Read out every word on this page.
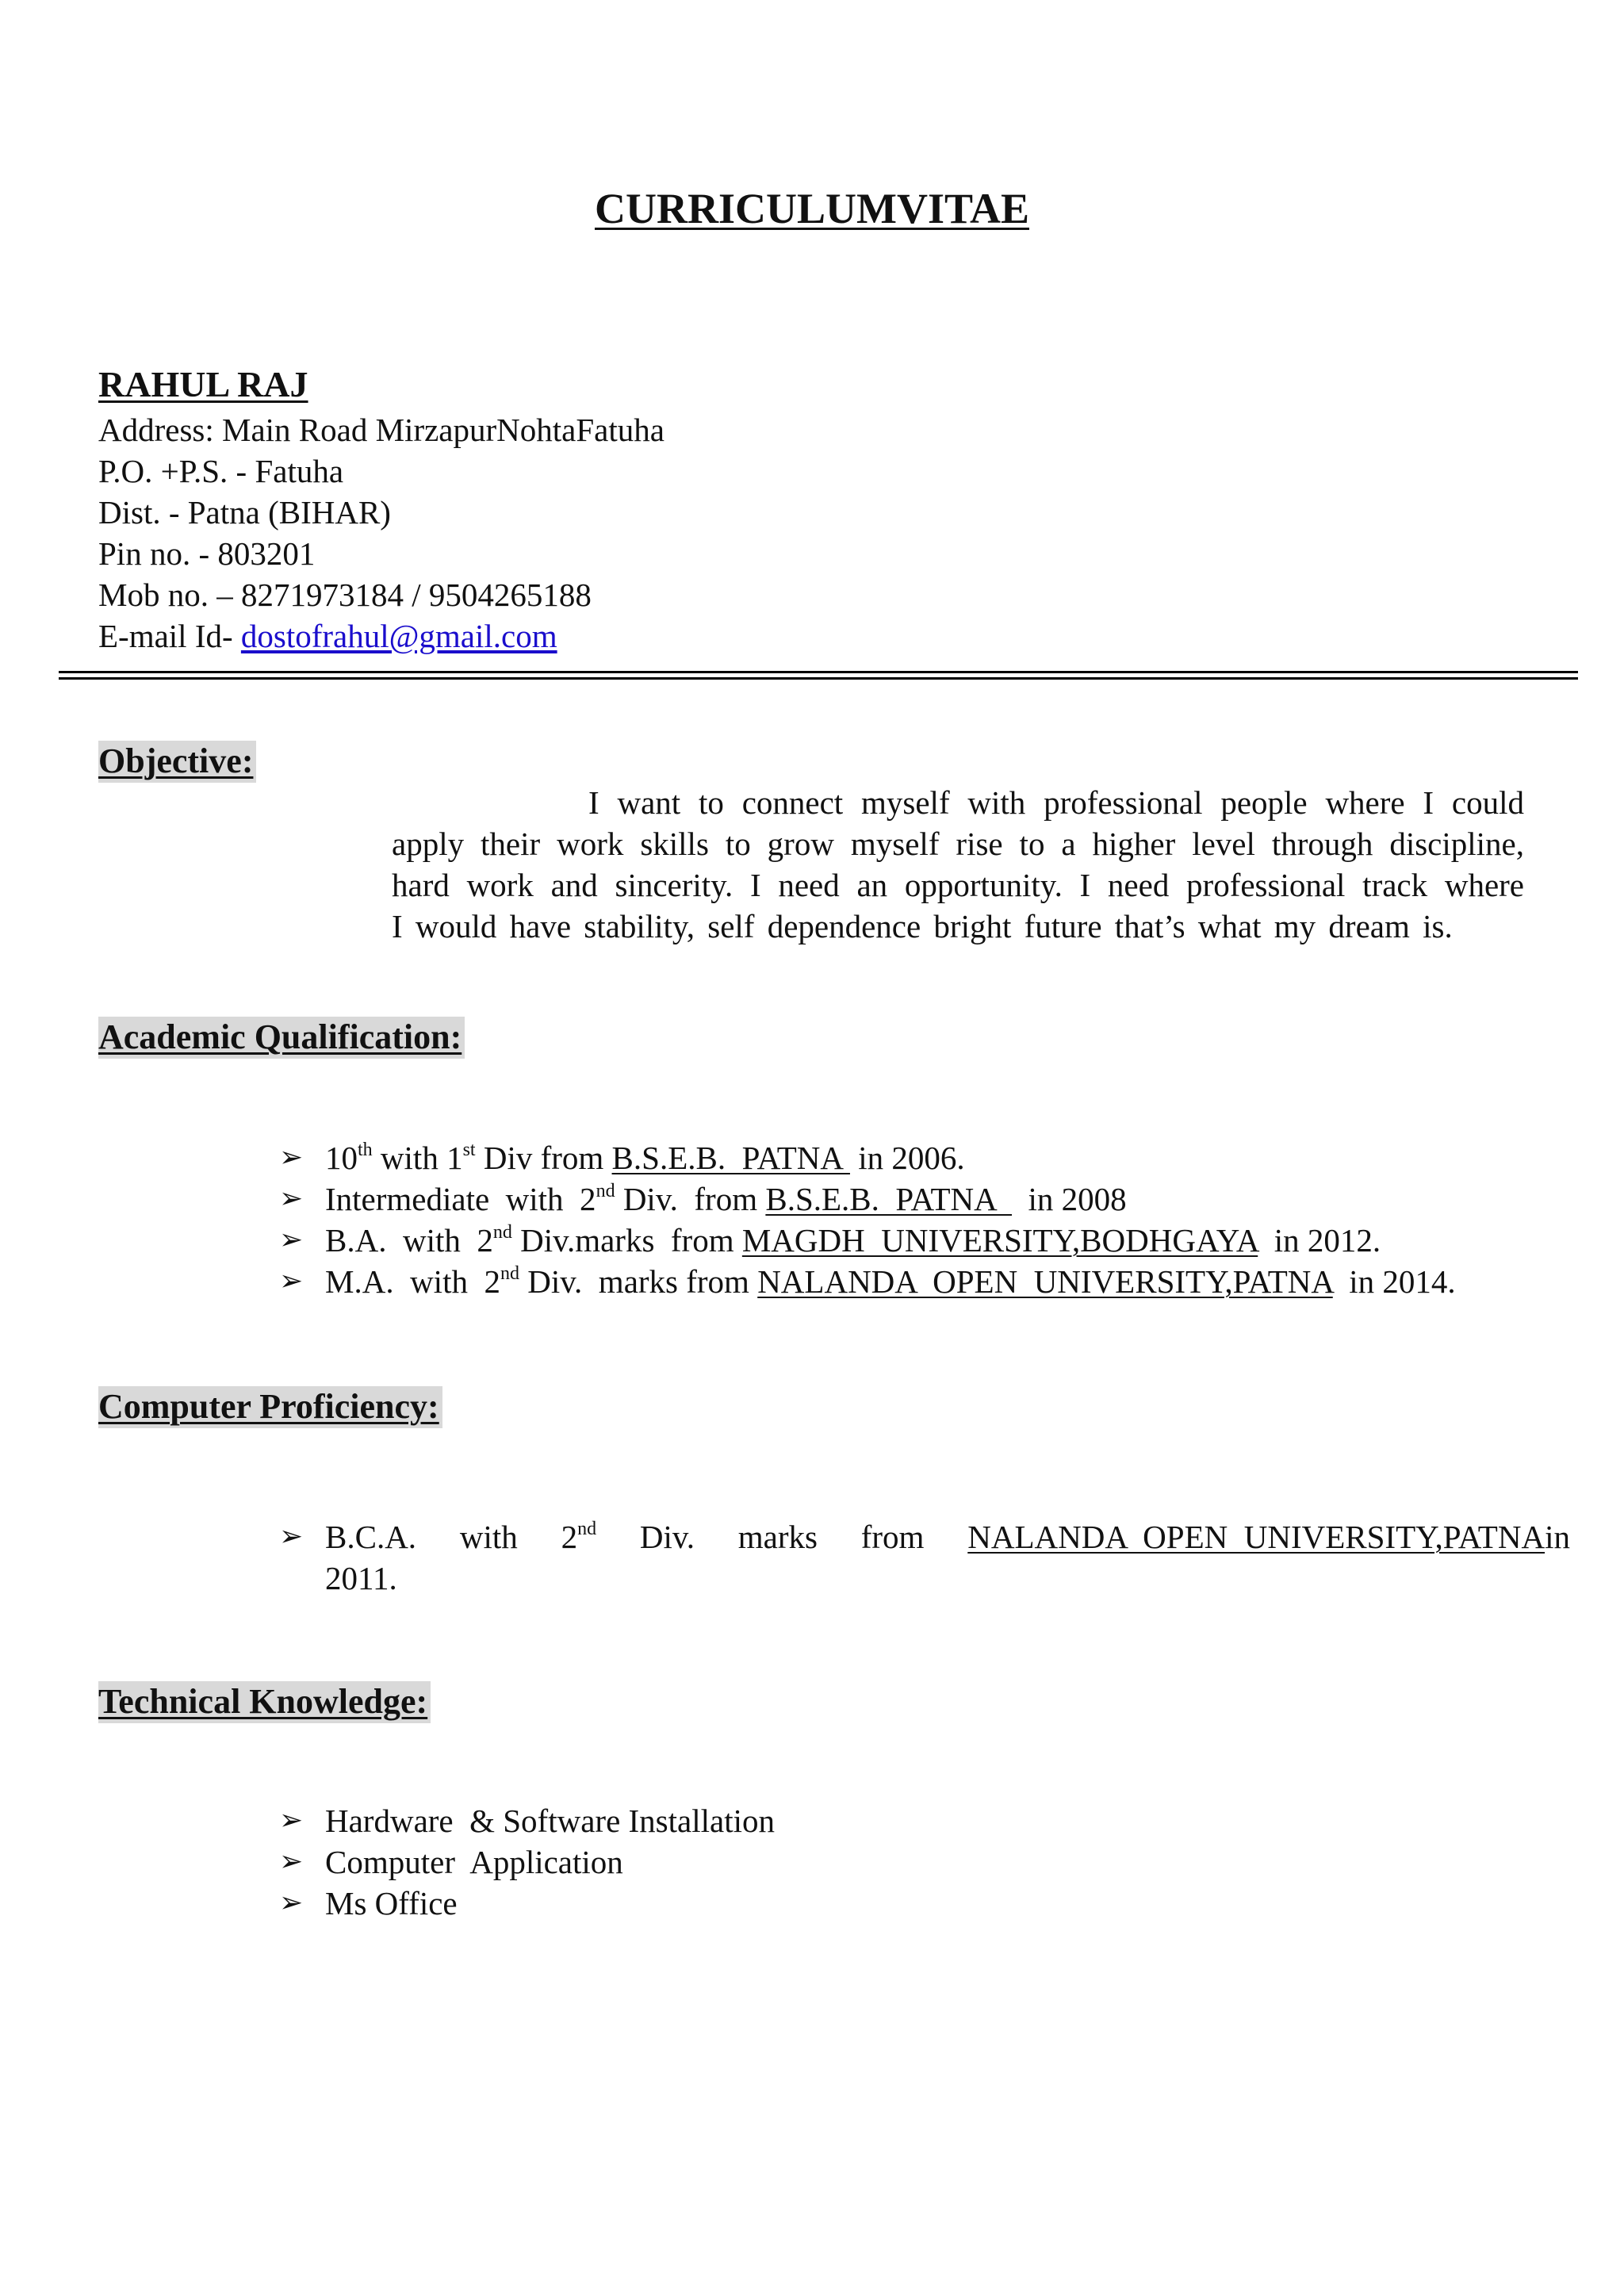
CURRICULUMVITAE
RAHUL RAJ
Address: Main Road MirzapurNohtaFatuha
P.O. +P.S. - Fatuha
Dist. - Patna (BIHAR)
Pin no. - 803201
Mob no. – 8271973184 / 9504265188
E-mail Id- dostofrahul@gmail.com
Objective:
I want to connect myself with professional people where I could
apply their work skills to grow myself rise to a higher level through discipline,
hard work and sincerity. I need an opportunity. I need professional track where
I would have stability, self dependence bright future that’s what my dream is.
Academic Qualification:
➢ 10th with 1st Div from B.S.E.B.  PATNA  in 2006.
➢ Intermediate  with  2nd Div.  from B.S.E.B.  PATNA    in 2008
➢ B.A.  with  2nd Div.marks  from MAGDH  UNIVERSITY,BODHGAYA  in 2012.
➢ M.A.  with  2nd Div.  marks from NALANDA  OPEN  UNIVERSITY,PATNA  in 2014.
Computer Proficiency:
➢ B.C.A. with 2nd Div. marks from NALANDA  OPEN  UNIVERSITY,PATNAin
2011.
Technical Knowledge:
➢ Hardware  & Software Installation
➢ Computer  Application
➢ Ms Office
